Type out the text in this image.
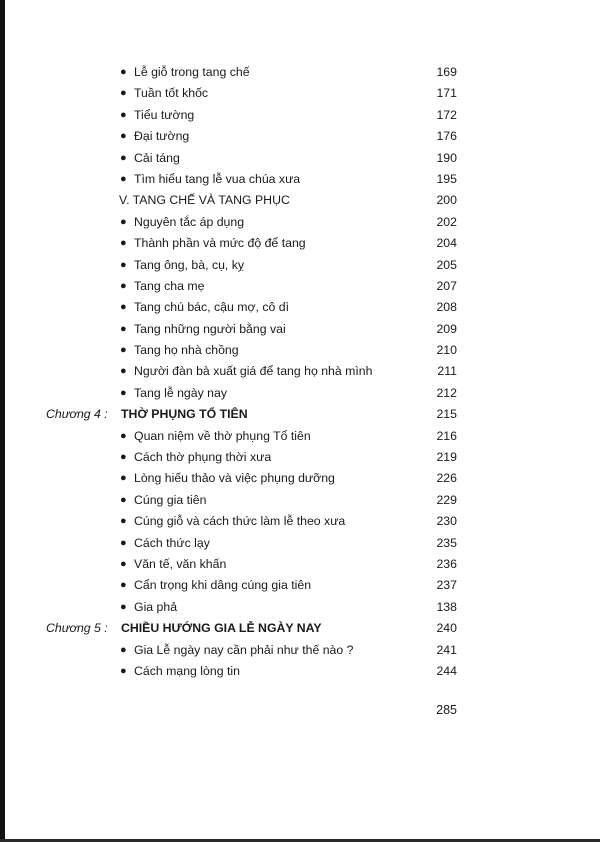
● Lễ giỗ trong tang chế	169
● Tuần tốt khốc	171
● Tiểu tường	172
● Đại tường	176
● Cải táng	190
● Tìm hiểu tang lễ vua chúa xưa	195
V. TANG CHẾ VÀ TANG PHỤC	200
● Nguyên tắc áp dụng	202
● Thành phần và mức độ để tang	204
● Tang ông, bà, cụ, kỵ	205
● Tang cha mẹ	207
● Tang chú bác, cậu mợ, cô dì	208
● Tang những người bằng vai	209
● Tang họ nhà chồng	210
● Người đàn bà xuất giá để tang họ nhà mình	211
● Tang lễ ngày nay	212
Chương 4 : THỜ PHỤNG TỔ TIÊN	215
● Quan niệm về thờ phụng Tổ tiên	216
● Cách thờ phụng thời xưa	219
● Lòng hiếu thảo và việc phụng dưỡng	226
● Cúng gia tiên	229
● Cúng giỗ và cách thức làm lễ theo xưa	230
● Cách thức lạy	235
● Văn tế, văn khấn	236
● Cẩn trọng khi dâng cúng gia tiên	237
● Gia phả	138
Chương 5 : CHIỀU HƯỚNG GIA LỄ NGÀY NAY	240
● Gia Lễ ngày nay cần phải như thế nào ?	241
● Cách mạng lòng tin	244
285
